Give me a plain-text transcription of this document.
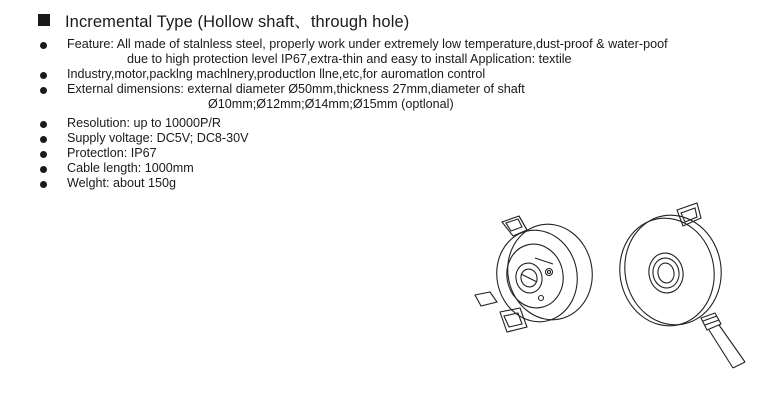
Incremental Type (Hollow shaft、through hole)
Feature: All made of stalnless steel, properly work under extremely low temperature,dust-proof & water-poof
due to high protection level IP67,extra-thin and easy to install Application: textile
Industry,motor,packlng machlnery,productlon llne,etc,for auromatlon control
External dimensions: external diameter Ø50mm,thickness 27mm,diameter of shaft
Ø10mm;Ø12mm;Ø14mm;Ø15mm (optlonal)
Resolution: up to 10000P/R
Supply voltage: DC5V; DC8-30V
Protectlon: IP67
Cable length: 1000mm
Welght: about 150g
